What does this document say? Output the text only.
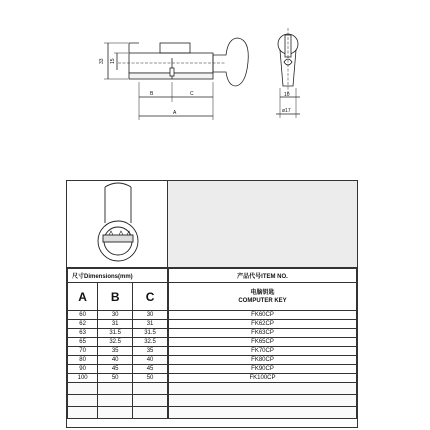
33 15
B	C
A
10
ø17
尺寸Dimensions(mm)		
A	B	C
60	30	30
62	31	31
63	31.5	31.5
65	32.5	32.5
70	35	35
80	40	40
90	45	45
100	50	50

产品代号ITEM NO.

电脑钥匙
COMPUTER KEY

FK60CP
FK62CP
FK63CP
FK65CP
FK70CP
FK80CP
FK90CP
FK100CP
